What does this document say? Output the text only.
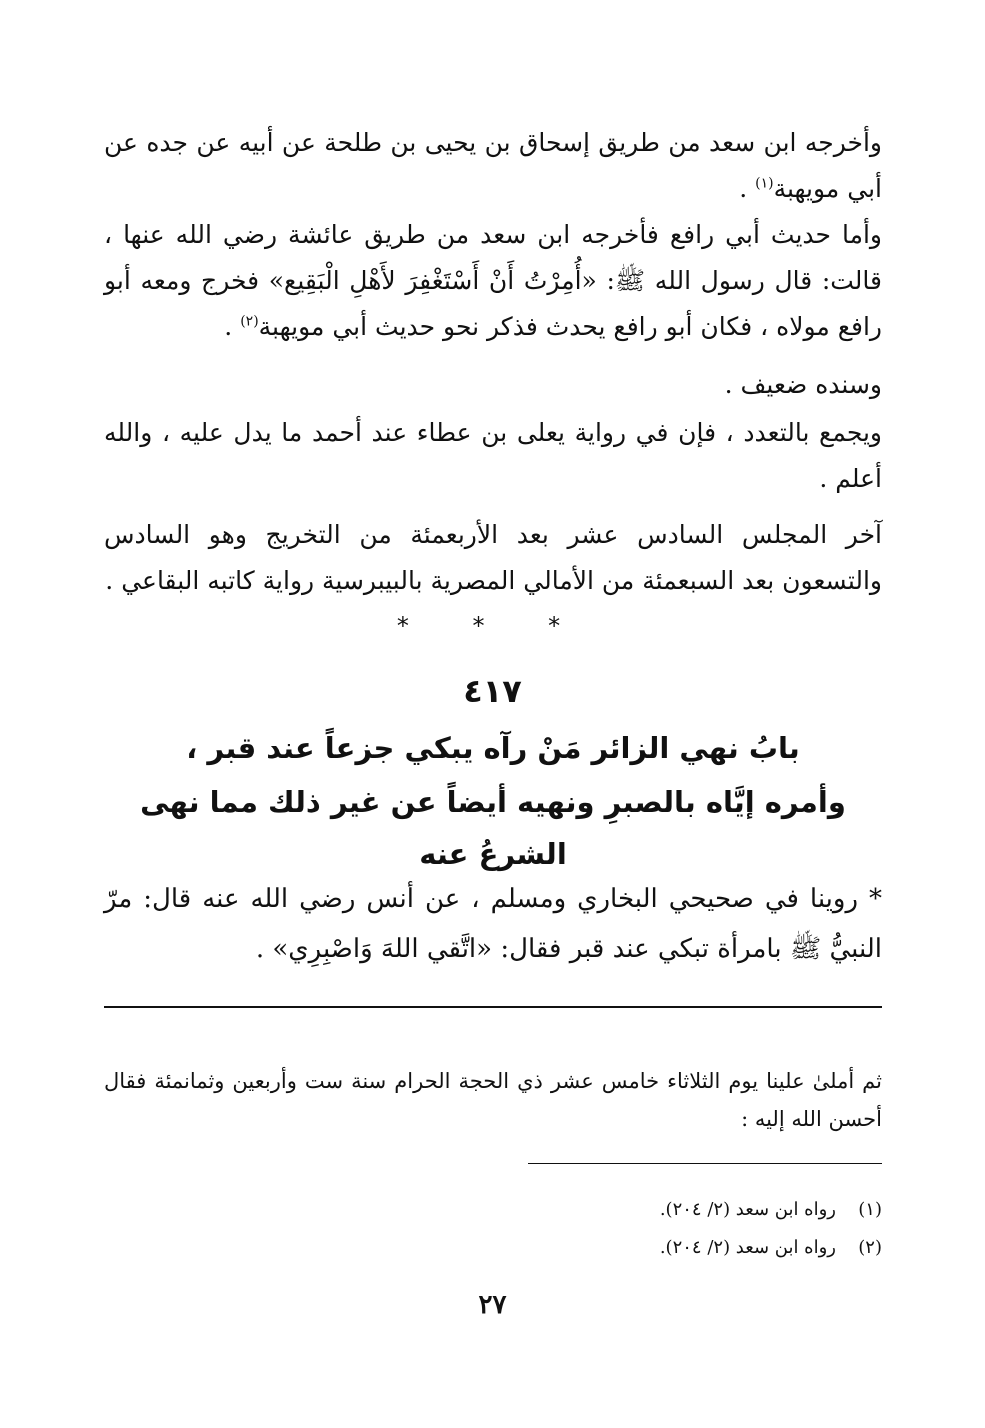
وأخرجه ابن سعد من طريق إسحاق بن يحيى بن طلحة عن أبيه عن جده عن أبي مويهبة$^{(١)}$ .

وأما حديث أبي رافع فأخرجه ابن سعد من طريق عائشة رضي الله عنها ، قالت: قال رسول الله ﷺ: «أُمِرْتُ أَنْ أَسْتَغْفِرَ لأَهْلِ الْبَقِيع» فخرج ومعه أبو رافع مولاه ، فكان أبو رافع يحدث فذكر نحو حديث أبي مويهبة$^{(٢)}$ .

وسنده ضعيف .

ويجمع بالتعدد ، فإن في رواية يعلى بن عطاء عند أحمد ما يدل عليه ، والله أعلم .

آخر المجلس السادس عشر بعد الأربعمئة من التخريج وهو السادس والتسعون بعد السبعمئة من الأمالي المصرية بالبيبرسية رواية كاتبه البقاعي .

* * *
٤١٧
بابُ نهي الزائر مَنْ رآه يبكي جزعاً عند قبر ،
وأمره إيَّاه بالصبرِ ونهيه أيضاً عن غير ذلك مما نهى الشرعُ عنه

* روينا في صحيحي البخاري ومسلم ، عن أنس رضي الله عنه قال: مرّ النبيُّ ﷺ بامرأة تبكي عند قبر فقال: «اتَّقي اللهَ وَاصْبِرِي» .

ثم أملىٰ علينا يوم الثلاثاء خامس عشر ذي الحجة الحرام سنة ست وأربعين وثمانمئة فقال أحسن الله إليه :

(١)رواه ابن سعد (٢/ ٢٠٤).
(٢)رواه ابن سعد (٢/ ٢٠٤).
٢٧
